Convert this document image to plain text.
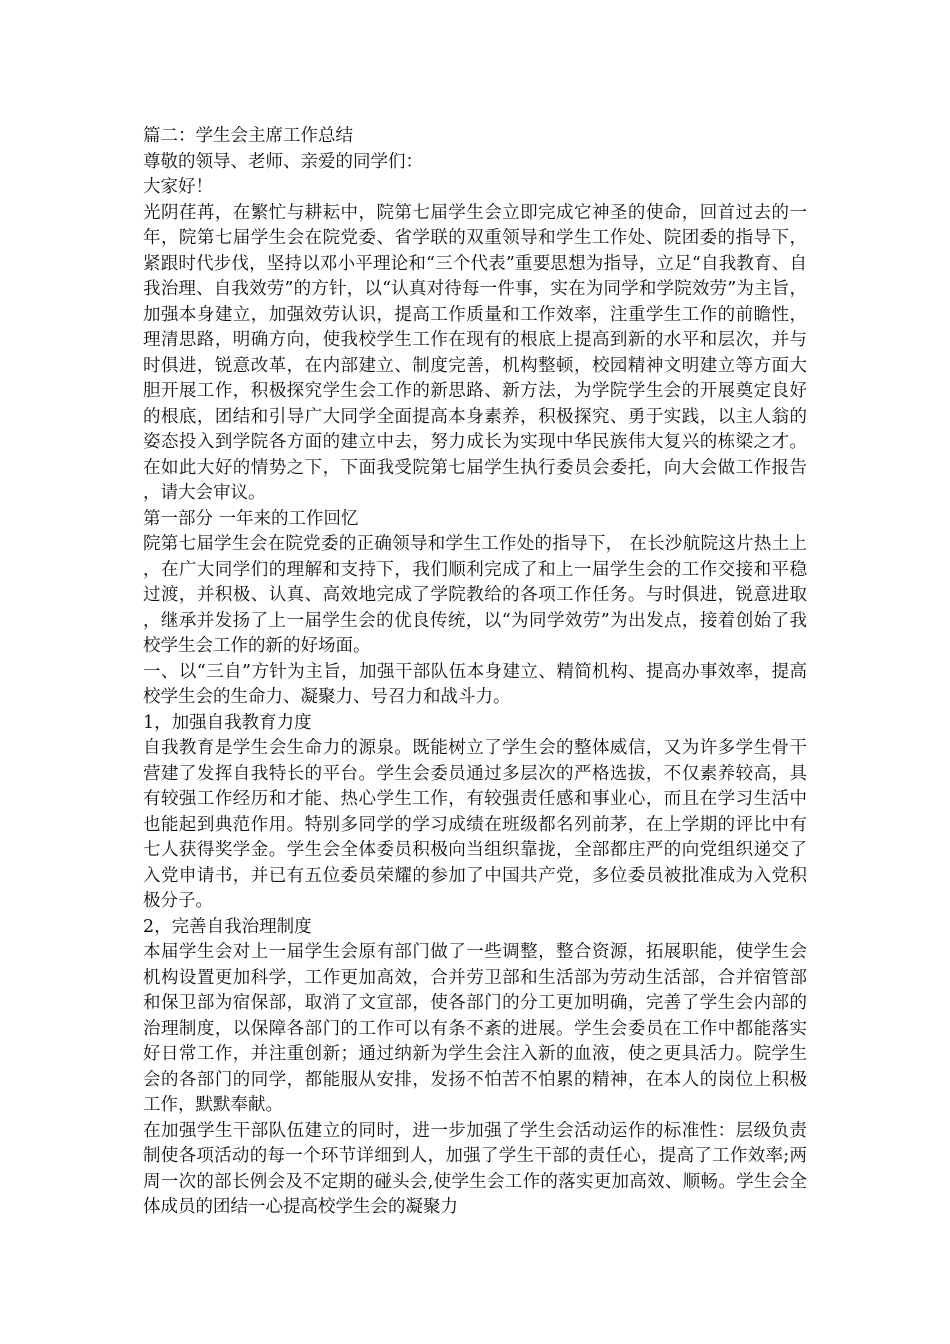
篇二：学生会主席工作总结

尊敬的领导、老师、亲爱的同学们：

大家好！

光阴荏苒，在繁忙与耕耘中，院第七届学生会立即完成它神圣的使命，回首过去的一年，院第七届学生会在院党委、省学联的双重领导和学生工作处、院团委的指导下，紧跟时代步伐，坚持以邓小平理论和“三个代表”重要思想为指导，立足“自我教育、自我治理、自我效劳”的方针，以“认真对待每一件事，实在为同学和学院效劳”为主旨，加强本身建立，加强效劳认识，提高工作质量和工作效率，注重学生工作的前瞻性，理清思路，明确方向，使我校学生工作在现有的根底上提高到新的水平和层次，并与时俱进，锐意改革，在内部建立、制度完善，机构整顿，校园精神文明建立等方面大胆开展工作，积极探究学生会工作的新思路、新方法，为学院学生会的开展奠定良好的根底，团结和引导广大同学全面提高本身素养，积极探究、勇于实践，以主人翁的姿态投入到学院各方面的建立中去，努力成长为实现中华民族伟大复兴的栋梁之才。在如此大好的情势之下，下面我受院第七届学生执行委员会委托，向大会做工作报告，请大会审议。

第一部分 一年来的工作回忆

院第七届学生会在院党委的正确领导和学生工作处的指导下， 在长沙航院这片热土上，在广大同学们的理解和支持下，我们顺利完成了和上一届学生会的工作交接和平稳过渡，并积极、认真、高效地完成了学院教给的各项工作任务。与时俱进，锐意进取 ，继承并发扬了上一届学生会的优良传统，以“为同学效劳”为出发点，接着创始了我校学生会工作的新的好场面。

一、以“三自”方针为主旨，加强干部队伍本身建立、精简机构、提高办事效率，提高校学生会的生命力、凝聚力、号召力和战斗力。

1，加强自我教育力度

自我教育是学生会生命力的源泉。既能树立了学生会的整体威信，又为许多学生骨干营建了发挥自我特长的平台。学生会委员通过多层次的严格选拔，不仅素养较高，具有较强工作经历和才能、热心学生工作，有较强责任感和事业心，而且在学习生活中也能起到典范作用。特别多同学的学习成绩在班级都名列前茅，在上学期的评比中有七人获得奖学金。学生会全体委员积极向当组织靠拢，全部都庄严的向党组织递交了入党申请书，并已有五位委员荣耀的参加了中国共产党，多位委员被批准成为入党积极分子。

2，完善自我治理制度

本届学生会对上一届学生会原有部门做了一些调整，整合资源，拓展职能，使学生会机构设置更加科学，工作更加高效，合并劳卫部和生活部为劳动生活部，合并宿管部和保卫部为宿保部，取消了文宣部，使各部门的分工更加明确，完善了学生会内部的治理制度，以保障各部门的工作可以有条不紊的进展。学生会委员在工作中都能落实好日常工作，并注重创新；通过纳新为学生会注入新的血液，使之更具活力。院学生会的各部门的同学，都能服从安排，发扬不怕苦不怕累的精神，在本人的岗位上积极工作，默默奉献。

在加强学生干部队伍建立的同时，进一步加强了学生会活动运作的标准性：层级负责制使各项活动的每一个环节详细到人，加强了学生干部的责任心，提高了工作效率;两周一次的部长例会及不定期的碰头会,使学生会工作的落实更加高效、顺畅。学生会全体成员的团结一心提高校学生会的凝聚力
